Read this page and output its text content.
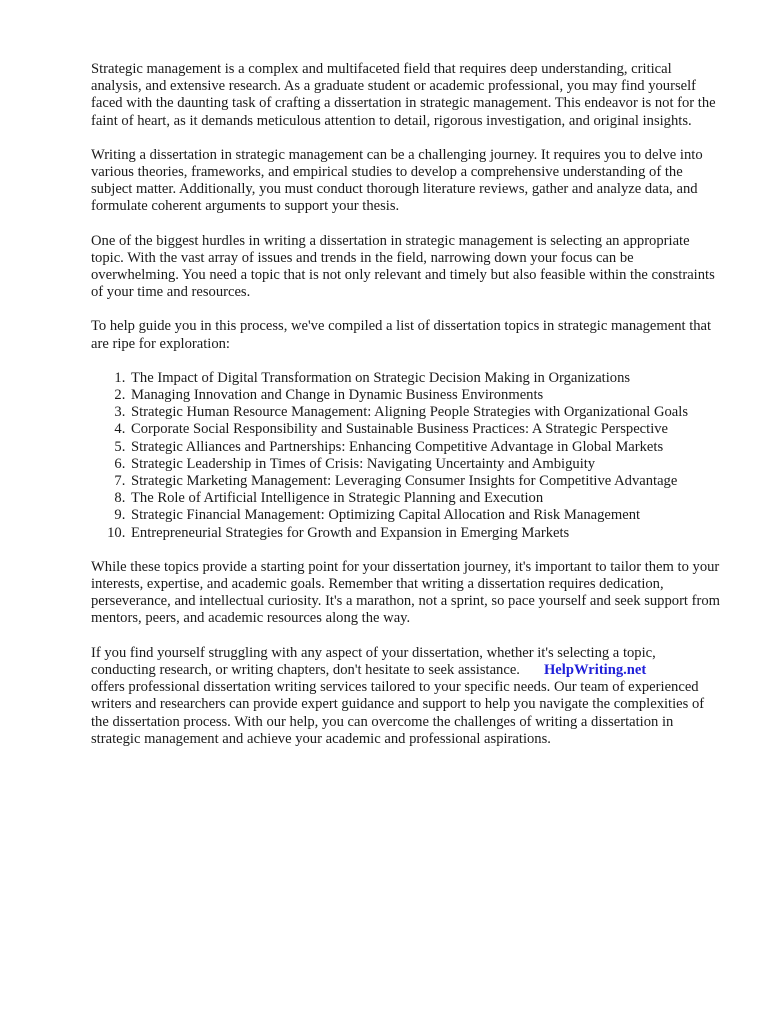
Strategic management is a complex and multifaceted field that requires deep understanding, critical analysis, and extensive research. As a graduate student or academic professional, you may find yourself faced with the daunting task of crafting a dissertation in strategic management. This endeavor is not for the faint of heart, as it demands meticulous attention to detail, rigorous investigation, and original insights.

Writing a dissertation in strategic management can be a challenging journey. It requires you to delve into various theories, frameworks, and empirical studies to develop a comprehensive understanding of the subject matter. Additionally, you must conduct thorough literature reviews, gather and analyze data, and formulate coherent arguments to support your thesis.

One of the biggest hurdles in writing a dissertation in strategic management is selecting an appropriate topic. With the vast array of issues and trends in the field, narrowing down your focus can be overwhelming. You need a topic that is not only relevant and timely but also feasible within the constraints of your time and resources.

To help guide you in this process, we've compiled a list of dissertation topics in strategic management that are ripe for exploration:

1. The Impact of Digital Transformation on Strategic Decision Making in Organizations
2. Managing Innovation and Change in Dynamic Business Environments
3. Strategic Human Resource Management: Aligning People Strategies with Organizational Goals
4. Corporate Social Responsibility and Sustainable Business Practices: A Strategic Perspective
5. Strategic Alliances and Partnerships: Enhancing Competitive Advantage in Global Markets
6. Strategic Leadership in Times of Crisis: Navigating Uncertainty and Ambiguity
7. Strategic Marketing Management: Leveraging Consumer Insights for Competitive Advantage
8. The Role of Artificial Intelligence in Strategic Planning and Execution
9. Strategic Financial Management: Optimizing Capital Allocation and Risk Management
10. Entrepreneurial Strategies for Growth and Expansion in Emerging Markets

While these topics provide a starting point for your dissertation journey, it's important to tailor them to your interests, expertise, and academic goals. Remember that writing a dissertation requires dedication, perseverance, and intellectual curiosity. It's a marathon, not a sprint, so pace yourself and seek support from mentors, peers, and academic resources along the way.

If you find yourself struggling with any aspect of your dissertation, whether it's selecting a topic, conducting research, or writing chapters, don't hesitate to seek assistance. HelpWriting.net
offers professional dissertation writing services tailored to your specific needs. Our team of experienced writers and researchers can provide expert guidance and support to help you navigate the complexities of the dissertation process. With our help, you can overcome the challenges of writing a dissertation in strategic management and achieve your academic and professional aspirations.
